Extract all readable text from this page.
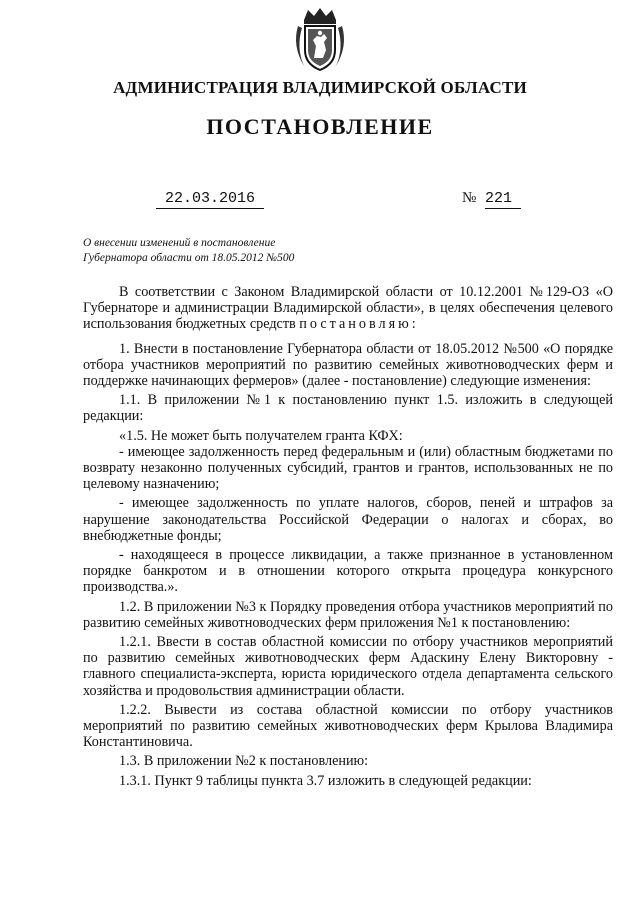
АДМИНИСТРАЦИЯ ВЛАДИМИРСКОЙ ОБЛАСТИ
ПОСТАНОВЛЕНИЕ
22.03.2016	№ 221
О внесении изменений в постановление
Губернатора области от 18.05.2012 №500

В соответствии с Законом Владимирской области от 10.12.2001 №129-ОЗ «О Губернаторе и администрации Владимирской области», в целях обеспечения целевого использования бюджетных средств постановляю:

1. Внести в постановление Губернатора области от 18.05.2012 №500 «О порядке отбора участников мероприятий по развитию семейных животноводческих ферм и поддержке начинающих фермеров» (далее - постановление) следующие изменения:

1.1. В приложении №1 к постановлению пункт 1.5. изложить в следующей редакции:

«1.5. Не может быть получателем гранта КФХ:

- имеющее задолженность перед федеральным и (или) областным бюджетами по возврату незаконно полученных субсидий, грантов и грантов, использованных не по целевому назначению;

- имеющее задолженность по уплате налогов, сборов, пеней и штрафов за нарушение законодательства Российской Федерации о налогах и сборах, во внебюджетные фонды;

- находящееся в процессе ликвидации, а также признанное в установленном порядке банкротом и в отношении которого открыта процедура конкурсного производства.».

1.2. В приложении №3 к Порядку проведения отбора участников мероприятий по развитию семейных животноводческих ферм приложения №1 к постановлению:

1.2.1. Ввести в состав областной комиссии по отбору участников мероприятий по развитию семейных животноводческих ферм Адаскину Елену Викторовну - главного специалиста-эксперта, юриста юридического отдела департамента сельского хозяйства и продовольствия администрации области.

1.2.2. Вывести из состава областной комиссии по отбору участников мероприятий по развитию семейных животноводческих ферм Крылова Владимира Константиновича.

1.3. В приложении №2 к постановлению:

1.3.1. Пункт 9 таблицы пункта 3.7 изложить в следующей редакции:
